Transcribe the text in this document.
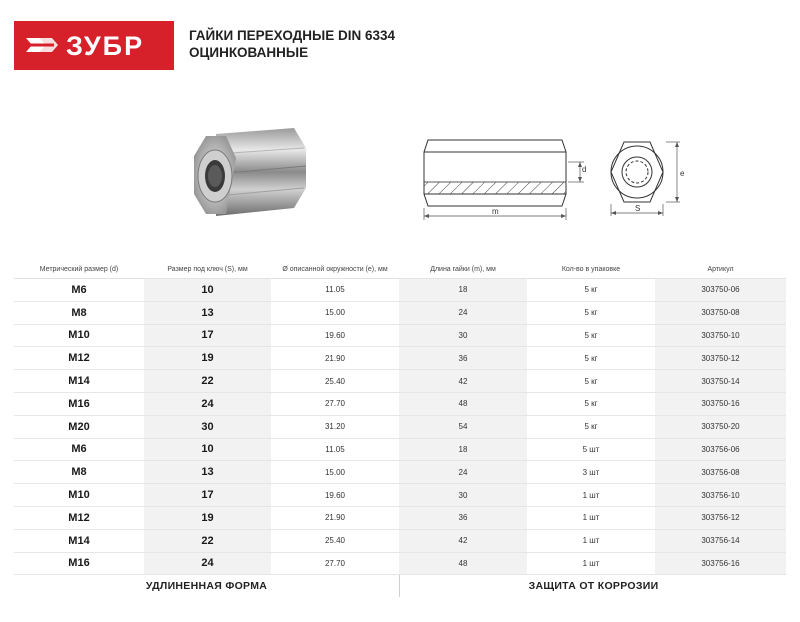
ЗУБР	ГАЙКИ ПЕРЕХОДНЫЕ DIN 6334
ОЦИНКОВАННЫЕ
d
m
e
S
Метрический размер (d)	Размер под ключ (S), мм	Ø описанной окружности (e), мм	Длина гайки (m), мм	Кол-во в упаковке	Артикул
M6	10	11.05	18	5 кг	303750-06
M8	13	15.00	24	5 кг	303750-08
M10	17	19.60	30	5 кг	303750-10
M12	19	21.90	36	5 кг	303750-12
M14	22	25.40	42	5 кг	303750-14
M16	24	27.70	48	5 кг	303750-16
M20	30	31.20	54	5 кг	303750-20
M6	10	11.05	18	5 шт	303756-06
M8	13	15.00	24	3 шт	303756-08
M10	17	19.60	30	1 шт	303756-10
M12	19	21.90	36	1 шт	303756-12
M14	22	25.40	42	1 шт	303756-14
M16	24	27.70	48	1 шт	303756-16
УДЛИНЕННАЯ ФОРМА	ЗАЩИТА ОТ КОРРОЗИИ
